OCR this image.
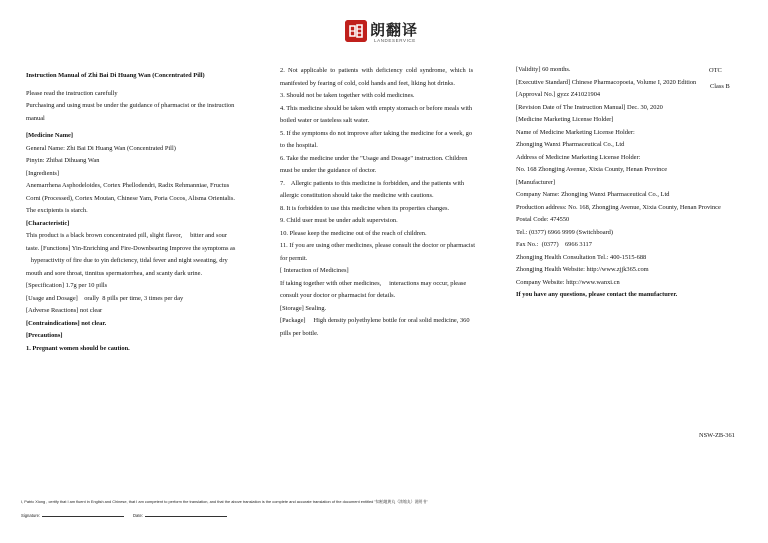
朗翻译
LANDESERVICE
OTC
Class B

Instruction Manual of Zhi Bai Di Huang Wan (Concentrated Pill)

Please read the instruction carefully

Purchasing and using must be under the guidance of pharmacist or the instruction

manual

[Medicine Name]

General Name: Zhi Bai Di Huang Wan (Concentrated Pill)

Pinyin: Zhibai Dihuang Wan

[Ingredients]

Anemarrhena Asphodeloides, Cortex Phellodendri, Radix Rehmanniae, Fructus

Corni (Processed), Cortex Moutan, Chinese Yam, Poria Cocos, Alisma Orientalis.

The excipients is starch.

[Characteristic]

This product is a black brown concentrated pill, slight flavor,     bitter and sour

taste. [Functions] Yin-Enriching and Fire-Downbearing Improve the symptoms as

hyperactivity of fire due to yin deficiency, tidal fever and night sweating, dry

mouth and sore throat, tinnitus spermatorrhea, and scanty dark urine.

[Specification] 1.7g per 10 pills

[Usage and Dosage]    orally  8 pills per time, 3 times per day

[Adverse Reactions] not clear

[Contraindications] not clear.

[Precautions]

1. Pregnant women should be caution.

2.  Not  applicable  to  patients  with  deficiency  cold  syndrome,  which  is

manifested by fearing of cold, cold hands and feet, liking hot drinks.

3. Should not be taken together with cold medicines.

4. This medicine should be taken with empty stomach or before meals with

boiled water or tasteless salt water.

5. If the symptoms do not improve after taking the medicine for a week, go

to the hospital.

6. Take the medicine under the "Usage and Dosage" instruction. Children

must be under the guidance of doctor.

7.    Allergic patients to this medicine is forbidden, and the patients with

allergic constitution should take the medicine with cautions.

8. It is forbidden to use this medicine when its properties changes.

9. Child user must be under adult supervision.

10. Please keep the medicine out of the reach of children.

11. If you are using other medicines, please consult the doctor or pharmacist

for permit.

[ Interaction of Medicines]

If taking together with other medicines,     interactions may occur, please

consult your doctor or pharmacist for details.

[Storage] Sealing.

[Package]     High density polyethylene bottle for oral solid medicine, 360

pills per bottle.

[Validity] 60 months.

[Executive Standard] Chinese Pharmacopoeia, Volume I, 2020 Edition

[Approval No.] gyzz Z41021904

[Revision Date of The Instruction Manual] Dec. 30, 2020

[Medicine Marketing License Holder]

Name of Medicine Marketing License Holder:

Zhongjing Wanxi Pharmaceutical Co., Ltd

Address of Medicine Marketing License Holder:

No. 168 Zhongjing Avenue, Xixia County, Henan Province

[Manufacturer]

Company Name: Zhongjing Wanxi Pharmaceutical Co., Ltd

Production address: No. 168, Zhongjing Avenue, Xixia County, Henan Province

Postal Code: 474550

Tel.: (0377) 6966 9999 (Switchboard)

Fax No.:  (0377)    6966 3117

Zhongjing Health Consultation Tel.: 400-1515-688

Zhongjing Health Website: http://www.zjjk365.com

Company Website: http://www.wanxi.cn

If you have any questions, please contact the manufacturer.

NSW-ZB-361
I, Patric Xiong , certify that I am fluent in English and Chinese, that I am competent to perform the translation, and that the above translation is the complete and accurate translation of the document entitled "知柏地黄丸（浓缩丸）说明书"
Signature:	Date:
